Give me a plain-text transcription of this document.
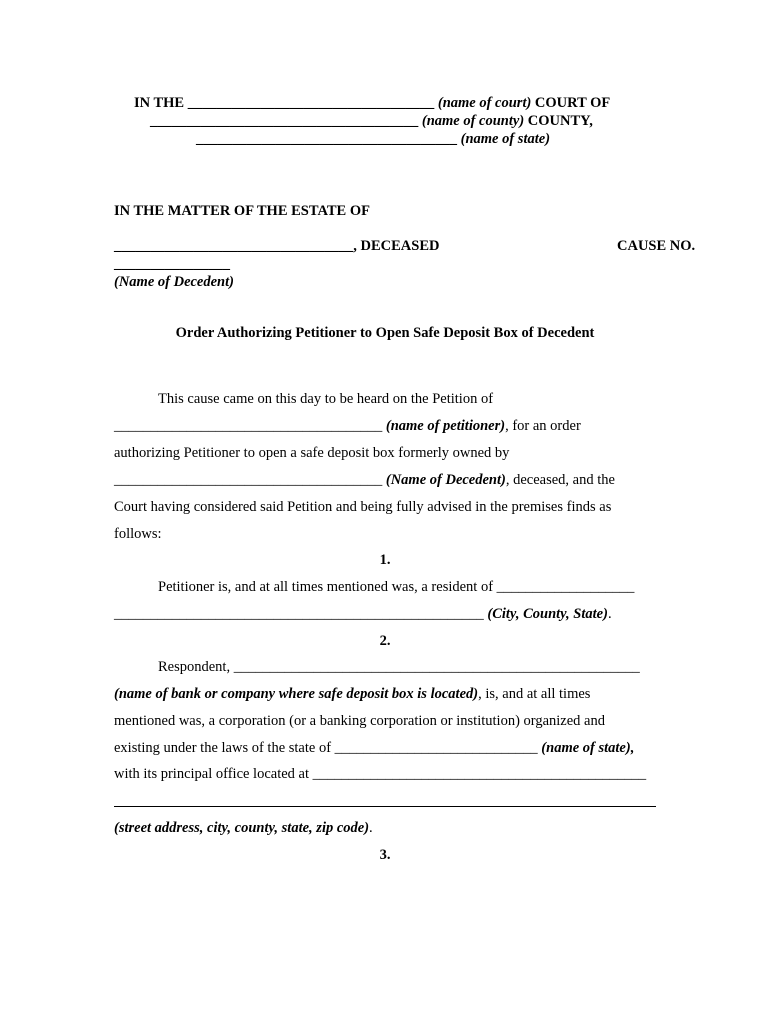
IN THE __________________________________ (name of court) COURT OF
_____________________________________ (name of county) COUNTY,
____________________________________ (name of state)
IN THE MATTER OF THE ESTATE OF
_________________________________, DECEASED	CAUSE NO.
________________
(Name of Decedent)
Order Authorizing Petitioner to Open Safe Deposit Box of Decedent
This cause came on this day to be heard on the Petition of
_____________________________________ (name of petitioner), for an order
authorizing Petitioner to open a safe deposit box formerly owned by
_____________________________________ (Name of Decedent), deceased, and the
Court having considered said Petition and being fully advised in the premises finds as
follows:
1.
Petitioner is, and at all times mentioned was, a resident of ___________________
___________________________________________________ (City, County, State).
2.
Respondent, ________________________________________________________
(name of bank or company where safe deposit box is located), is, and at all times
mentioned was, a corporation (or a banking corporation or institution) organized and
existing under the laws of the state of ____________________________ (name of state),
with its principal office located at ______________________________________________
(street address, city, county, state, zip code).
3.
